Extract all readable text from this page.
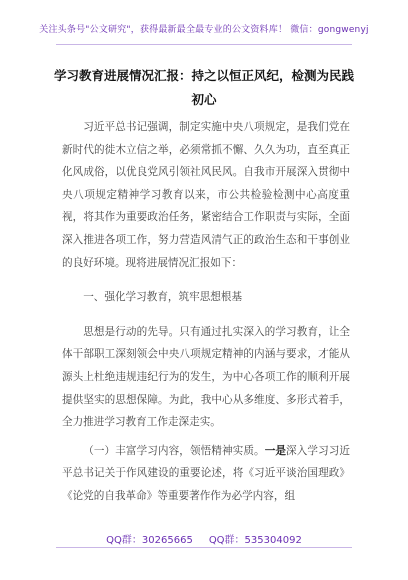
关注头条号"公文研究"，获得最新最全最专业的公文资料库！ 微信：gongwenyj
学习教育进展情况汇报：持之以恒正风纪，检测为民践初心

习近平总书记强调，制定实施中央八项规定，是我们党在新时代的徙木立信之举，必须常抓不懈、久久为功，直至真正化风成俗，以优良党风引领社风民风。自我市开展深入贯彻中央八项规定精神学习教育以来，市公共检验检测中心高度重视，将其作为重要政治任务，紧密结合工作职责与实际，全面深入推进各项工作，努力营造风清气正的政治生态和干事创业的良好环境。现将进展情况汇报如下：

一、强化学习教育，筑牢思想根基

思想是行动的先导。只有通过扎实深入的学习教育，让全体干部职工深刻领会中央八项规定精神的内涵与要求，才能从源头上杜绝违规违纪行为的发生，为中心各项工作的顺利开展提供坚实的思想保障。为此，我中心从多维度、多形式着手，全力推进学习教育工作走深走实。

（一）丰富学习内容，领悟精神实质。一是深入学习习近平总书记关于作风建设的重要论述，将《习近平谈治国理政》《论党的自我革命》等重要著作作为必学内容，组

QQ群：30265665 QQ群：535304092
